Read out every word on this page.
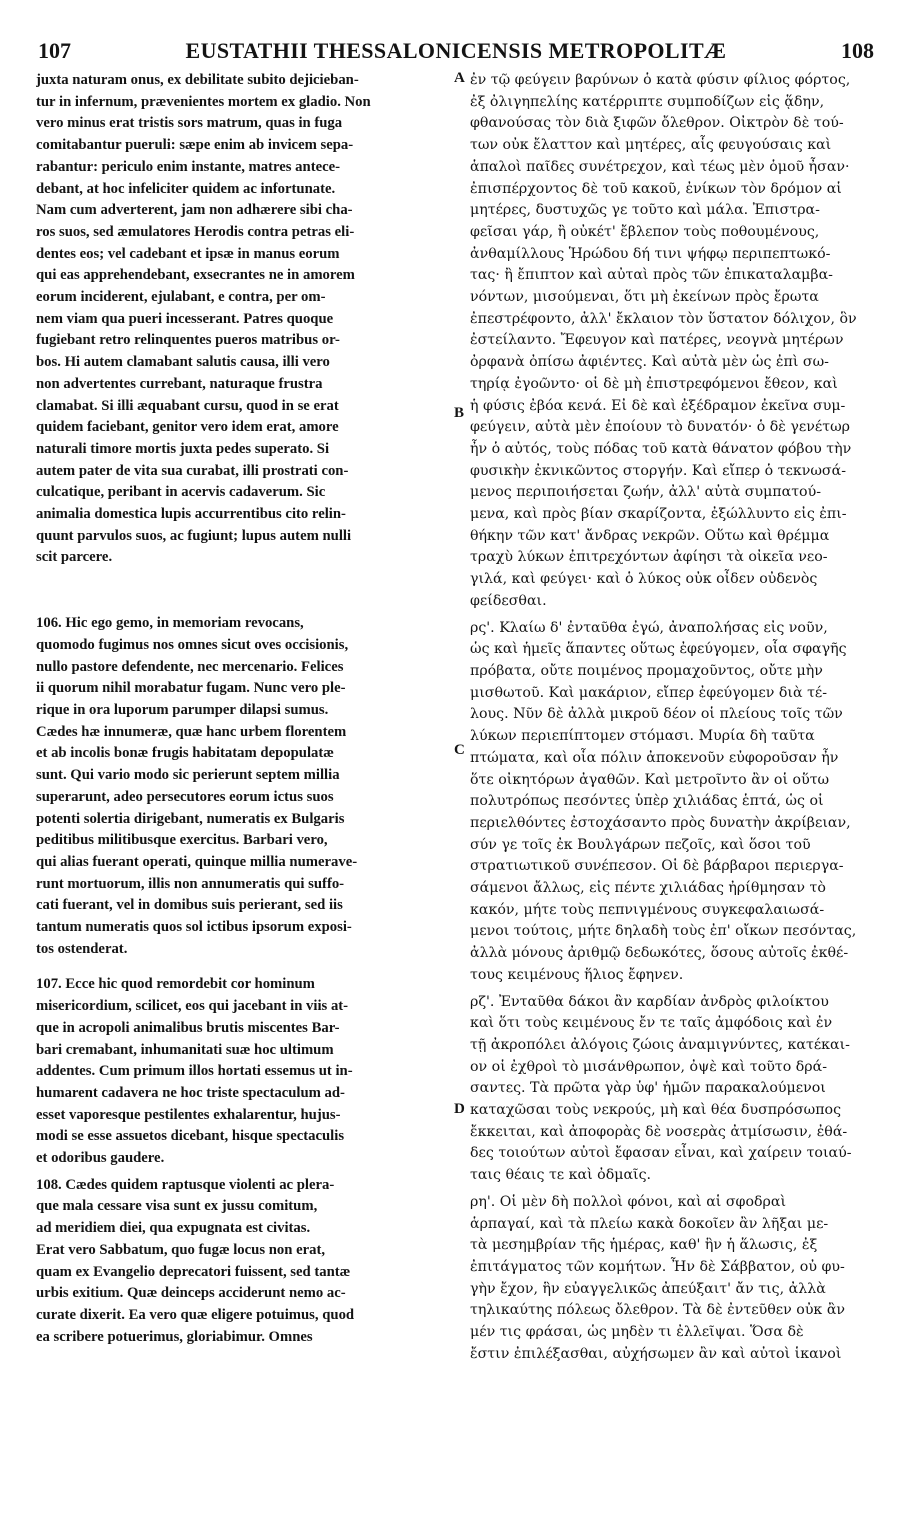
107	EUSTATHII THESSALONICENSIS METROPOLITÆ	108
juxta naturam onus, ex debilitate subito dejicieban-
tur in infernum, prævenientes mortem ex gladio. Non
vero minus erat tristis sors matrum, quas in fuga
comitabantur pueruli: sæpe enim ab invicem sepa-
rabantur: periculo enim instante, matres antece-
debant, at hoc infeliciter quidem ac infortunate.
Nam cum adverterent, jam non adhærere sibi cha-
ros suos, sed æmulatores Herodis contra petras eli-
dentes eos; vel cadebant et ipsæ in manus eorum
qui eas apprehendebant, exsecrantes ne in amorem
eorum inciderent, ejulabant, e contra, per om-
nem viam qua pueri incesserant. Patres quoque
fugiebant retro relinquentes pueros matribus or-
bos. Hi autem clamabant salutis causa, illi vero
non advertentes currebant, naturaque frustra
clamabat. Si illi æquabant cursu, quod in se erat
quidem faciebant, genitor vero idem erat, amore
naturali timore mortis juxta pedes superato. Si
autem pater de vita sua curabat, illi prostrati con-
culcatique, peribant in acervis cadaverum. Sic
animalia domestica lupis accurrentibus cito relin-
quunt parvulos suos, ac fugiunt; lupus autem nulli
scit parcere.
106. Hic ego gemo, in memoriam revocans,
quomodo fugimus nos omnes sicut oves occisionis,
nullo pastore defendente, nec mercenario. Felices
ii quorum nihil morabatur fugam. Nunc vero ple-
rique in ora luporum parumper dilapsi sumus.
Cædes hæ innumeræ, quæ hanc urbem florentem
et ab incolis bonæ frugis habitatam depopulatæ
sunt. Qui vario modo sic perierunt septem millia
superarunt, adeo persecutores eorum ictus suos
potenti solertia dirigebant, numeratis ex Bulgaris
peditibus militibusque exercitus. Barbari vero,
qui alias fuerant operati, quinque millia numerave-
runt mortuorum, illis non annumeratis qui suffo-
cati fuerant, vel in domibus suis perierant, sed iis
tantum numeratis quos sol ictibus ipsorum exposi-
tos ostenderat.
107. Ecce hic quod remordebit cor hominum
misericordium, scilicet, eos qui jacebant in viis at-
que in acropoli animalibus brutis miscentes Bar-
bari cremabant, inhumanitati suæ hoc ultimum
addentes. Cum primum illos hortati essemus ut in-
humarent cadavera ne hoc triste spectaculum ad-
esset vaporesque pestilentes exhalarentur, hujus-
modi se esse assuetos dicebant, hisque spectaculis
et odoribus gaudere.
108. Cædes quidem raptusque violenti ac plera-
que mala cessare visa sunt ex jussu comitum,
ad meridiem diei, qua expugnata est civitas.
Erat vero Sabbatum, quo fugæ locus non erat,
quam ex Evangelio deprecatori fuissent, sed tantæ
urbis exitium. Quæ deinceps acciderunt nemo ac-
curate dixerit. Ea vero quæ eligere potuimus, quod
ea scribere potuerimus, gloriabimur. Omnes
ἐν τῷ φεύγειν βαρύνων ὁ κατὰ φύσιν φίλιος φόρτος,
ἐξ ὀλιγηπελίης κατέρριπτε συμποδίζων εἰς ᾅδην,
φθανούσας τὸν διὰ ξιφῶν ὄλεθρον. Οἰκτρὸν δὲ τού-
των οὐκ ἔλαττον καὶ μητέρες, αἷς φευγούσαις καὶ
ἁπαλοὶ παῖδες συνέτρεχον, καὶ τέως μὲν ὁμοῦ ἦσαν·
ἐπισπέρχοντος δὲ τοῦ κακοῦ, ἐνίκων τὸν δρόμον αἱ
μητέρες, δυστυχῶς γε τοῦτο καὶ μάλα. Ἐπιστρα-
φεῖσαι γάρ, ἢ οὐκέτ' ἔβλεπον τοὺς ποθουμένους,
ἀνθαμίλλους Ἡρώδου δή τινι ψήφῳ περιπεπτωκό-
τας· ἢ ἔπιπτον καὶ αὐταὶ πρὸς τῶν ἐπικαταλαμβα-
νόντων, μισούμεναι, ὅτι μὴ ἐκείνων πρὸς ἔρωτα
ἐπεστρέφοντο, ἀλλ' ἔκλαιον τὸν ὕστατον δόλιχον, ὃν
ἐστείλαντο. Ἔφευγον καὶ πατέρες, νεογνὰ μητέρων
ὀρφανὰ ὀπίσω ἀφιέντες. Καὶ αὐτὰ μὲν ὡς ἐπὶ σω-
τηρίᾳ ἐγοῶντο· οἱ δὲ μὴ ἐπιστρεφόμενοι ἔθεον, καὶ
ἡ φύσις ἐβόα κενά. Εἰ δὲ καὶ ἐξέδραμον ἐκεῖνα συμ-
φεύγειν, αὐτὰ μὲν ἐποίουν τὸ δυνατόν· ὁ δὲ γενέτωρ
ἦν ὁ αὐτός, τοὺς πόδας τοῦ κατὰ θάνατον φόβου τὴν
φυσικὴν ἐκνικῶντος στοργήν. Καὶ εἴπερ ὁ τεκνωσά-
μενος περιποιήσεται ζωήν, ἀλλ' αὐτὰ συμπατού-
μενα, καὶ πρὸς βίαν σκαρίζοντα, ἐξώλλυντο εἰς ἐπι-
θήκην τῶν κατ' ἄνδρας νεκρῶν. Οὕτω καὶ θρέμμα
τραχὺ λύκων ἐπιτρεχόντων ἀφίησι τὰ οἰκεῖα νεο-
γιλά, καὶ φεύγει· καὶ ὁ λύκος οὐκ οἶδεν οὐδενὸς
φείδεσθαι.
ρς'. Κλαίω δ' ἐνταῦθα ἐγώ, ἀναπολήσας εἰς νοῦν,
ὡς καὶ ἡμεῖς ἅπαντες οὕτως ἐφεύγομεν, οἷα σφαγῆς
πρόβατα, οὔτε ποιμένος προμαχοῦντος, οὔτε μὴν
μισθωτοῦ. Καὶ μακάριον, εἴπερ ἐφεύγομεν διὰ τέ-
λους. Νῦν δὲ ἀλλὰ μικροῦ δέον οἱ πλείους τοῖς τῶν
λύκων περιεπίπτομεν στόμασι. Μυρία δὴ ταῦτα
πτώματα, καὶ οἷα πόλιν ἀποκενοῦν εὐφοροῦσαν ἦν
ὅτε οἰκητόρων ἀγαθῶν. Καὶ μετροῖντο ἂν οἱ οὕτω
πολυτρόπως πεσόντες ὑπὲρ χιλιάδας ἑπτά, ὡς οἱ
περιελθόντες ἐστοχάσαντο πρὸς δυνατὴν ἀκρίβειαν,
σύν γε τοῖς ἐκ Βουλγάρων πεζοῖς, καὶ ὅσοι τοῦ
στρατιωτικοῦ συνέπεσον. Οἱ δὲ βάρβαροι περιεργα-
σάμενοι ἄλλως, εἰς πέντε χιλιάδας ἠρίθμησαν τὸ
κακόν, μήτε τοὺς πεπνιγμένους συγκεφαλαιωσά-
μενοι τούτοις, μήτε δηλαδὴ τοὺς ἐπ' οἴκων πεσόντας,
ἀλλὰ μόνους ἀριθμῷ δεδωκότες, ὅσους αὐτοῖς ἐκθέ-
τους κειμένους ἥλιος ἔφηνεν.
ρζ'. Ἐνταῦθα δάκοι ἂν καρδίαν ἀνδρὸς φιλοίκτου
καὶ ὅτι τοὺς κειμένους ἔν τε ταῖς ἀμφόδοις καὶ ἐν
τῇ ἀκροπόλει ἀλόγοις ζώοις ἀναμιγνύντες, κατέκαι-
ον οἱ ἐχθροὶ τὸ μισάνθρωπον, ὀψὲ καὶ τοῦτο δρά-
σαντες. Τὰ πρῶτα γὰρ ὑφ' ἡμῶν παρακαλούμενοι
καταχῶσαι τοὺς νεκρούς, μὴ καὶ θέα δυσπρόσωπος
ἔκκειται, καὶ ἀποφορὰς δὲ νοσερὰς ἀτμίσωσιν, ἐθά-
δες τοιούτων αὐτοὶ ἔφασαν εἶναι, καὶ χαίρειν τοιαύ-
ταις θέαις τε καὶ ὀδμαῖς.
ρη'. Οἱ μὲν δὴ πολλοὶ φόνοι, καὶ αἱ σφοδραὶ
ἁρπαγαί, καὶ τὰ πλείω κακὰ δοκοῖεν ἂν λῆξαι με-
τὰ μεσημβρίαν τῆς ἡμέρας, καθ' ἣν ἡ ἅλωσις, ἐξ
ἐπιτάγματος τῶν κομήτων. Ἦν δὲ Σάββατον, οὐ φυ-
γὴν ἔχον, ἣν εὐαγγελικῶς ἀπεύξαιτ' ἄν τις, ἀλλὰ
τηλικαύτης πόλεως ὄλεθρον. Τὰ δὲ ἐντεῦθεν οὐκ ἂν
μέν τις φράσαι, ὡς μηδὲν τι ἐλλεῖψαι. Ὅσα δὲ
ἔστιν ἐπιλέξασθαι, αὐχήσωμεν ἂν καὶ αὐτοὶ ἱκανοὶ
A
B
C
D
